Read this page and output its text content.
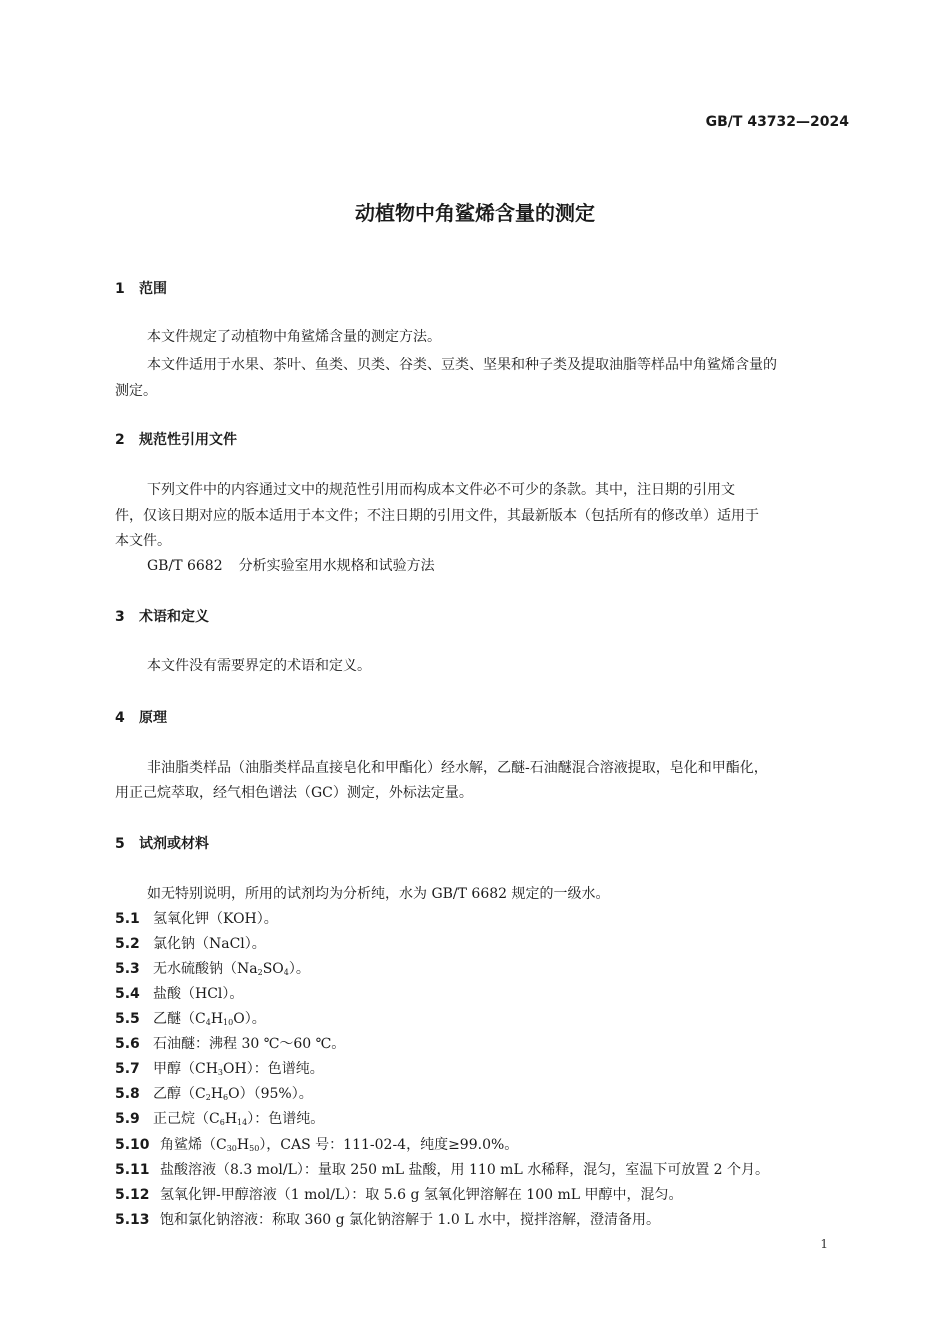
GB/T 43732—2024
动植物中角鲨烯含量的测定
1 范围
本文件规定了动植物中角鲨烯含量的测定方法。
本文件适用于水果、茶叶、鱼类、贝类、谷类、豆类、坚果和种子类及提取油脂等样品中角鲨烯含量的
测定。
2 规范性引用文件
下列文件中的内容通过文中的规范性引用而构成本文件必不可少的条款。其中，注日期的引用文
件，仅该日期对应的版本适用于本文件；不注日期的引用文件，其最新版本（包括所有的修改单）适用于
本文件。
GB/T 6682 分析实验室用水规格和试验方法
3 术语和定义
本文件没有需要界定的术语和定义。
4 原理
非油脂类样品（油脂类样品直接皂化和甲酯化）经水解，乙醚-石油醚混合溶液提取，皂化和甲酯化，
用正己烷萃取，经气相色谱法（GC）测定，外标法定量。
5 试剂或材料
如无特别说明，所用的试剂均为分析纯，水为 GB/T 6682 规定的一级水。
5.1 氢氧化钾（KOH）。
5.2 氯化钠（NaCl）。
5.3 无水硫酸钠$(Na_2SO_4)$。
5.4 盐酸（HCl）。
5.5 乙醚$(C_4H_{10}O)$。
5.6 石油醚：沸程 30 ℃～60 ℃。
5.7 甲醇$(CH_3OH)$：色谱纯。
5.8 乙醇$(C_2H_6O)(95\%)$。
5.9 正己烷$(C_6H_{14})$：色谱纯。
5.10 角鲨烯$(C_{30}H_{50})$，CAS 号：111-02-4，纯度≥99.0%。
5.11 盐酸溶液（8.3 mol/L）：量取 250 mL 盐酸，用 110 mL 水稀释，混匀，室温下可放置 2 个月。
5.12 氢氧化钾-甲醇溶液（1 mol/L）：取 5.6 g 氢氧化钾溶解在 100 mL 甲醇中，混匀。
5.13 饱和氯化钠溶液：称取 360 g 氯化钠溶解于 1.0 L 水中，搅拌溶解，澄清备用。
1
